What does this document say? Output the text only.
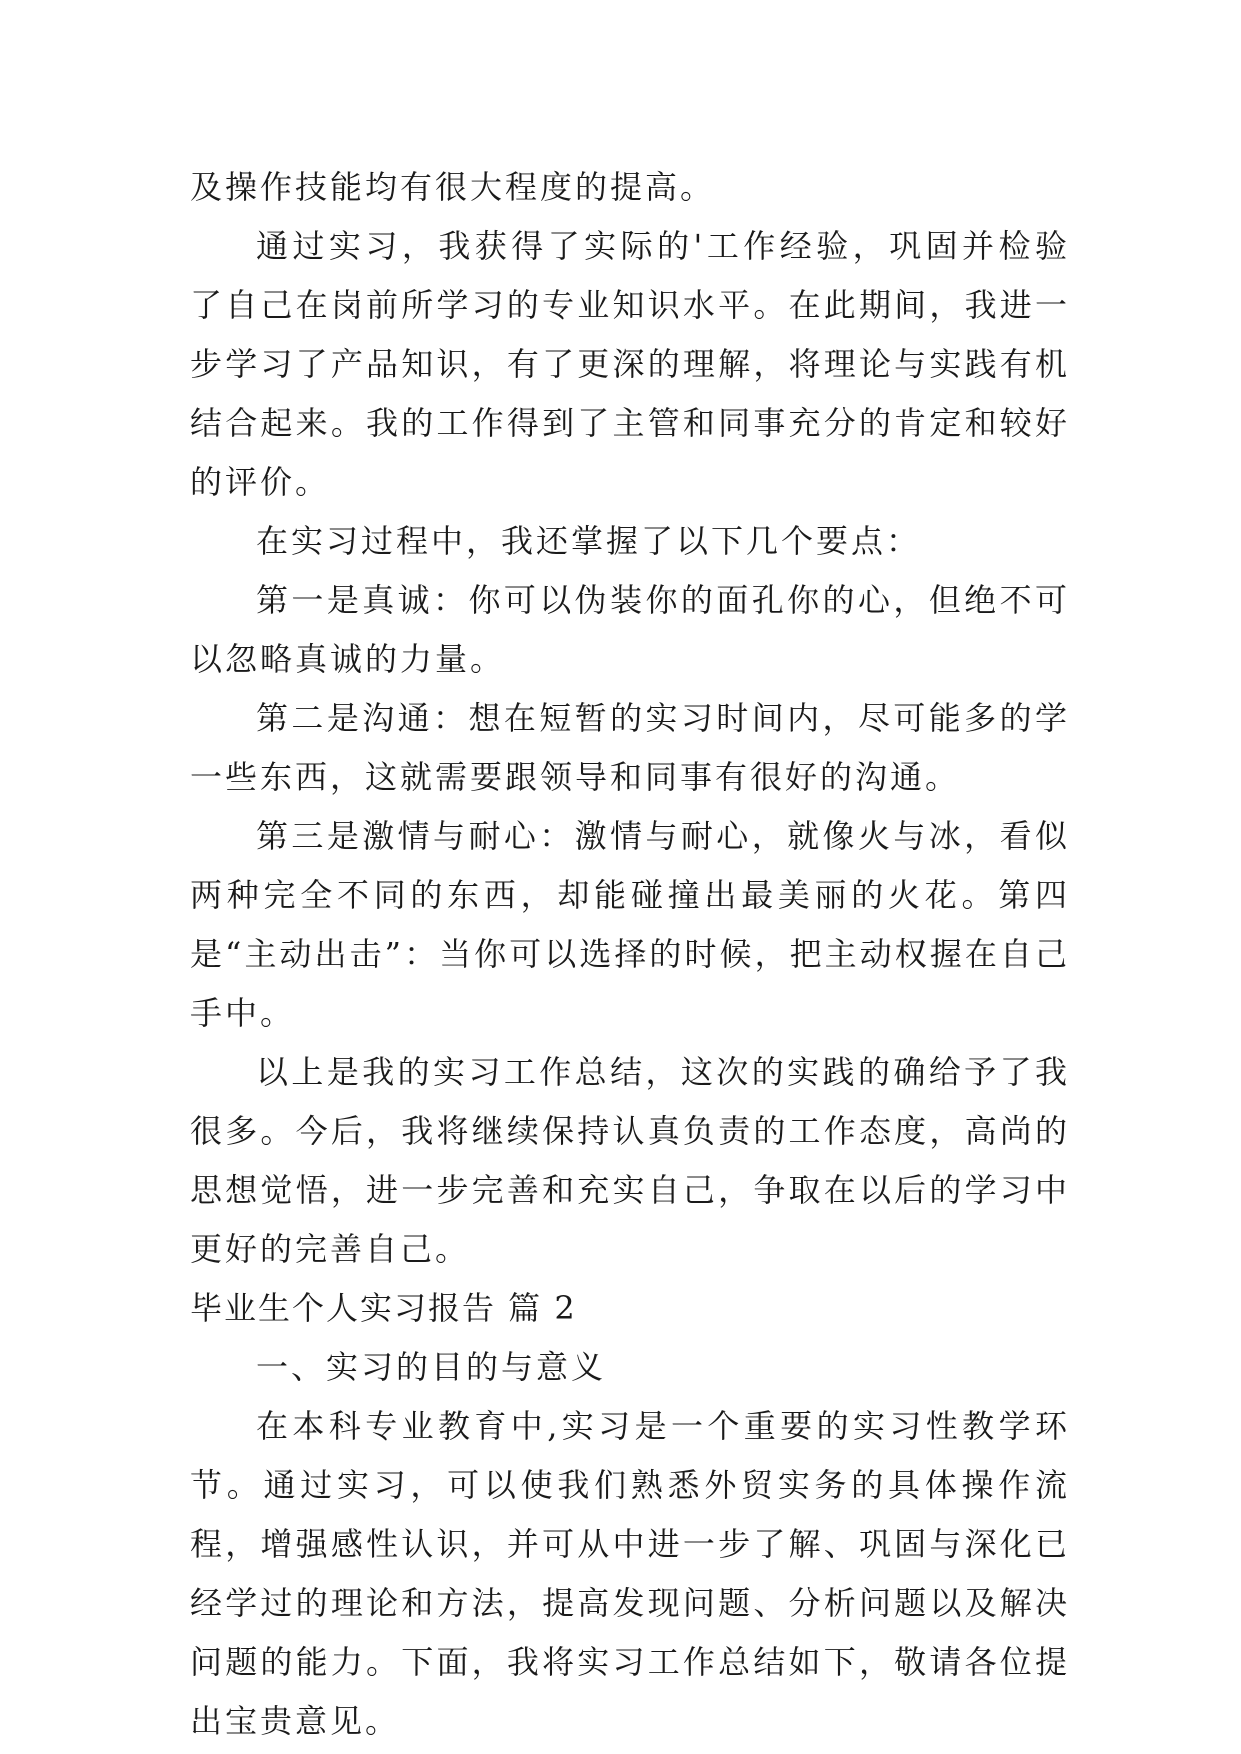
及操作技能均有很大程度的提高。

通过实习，我获得了实际的'工作经验，巩固并检验了自己在岗前所学习的专业知识水平。在此期间，我进一步学习了产品知识，有了更深的理解，将理论与实践有机结合起来。我的工作得到了主管和同事充分的肯定和较好的评价。

在实习过程中，我还掌握了以下几个要点：

第一是真诚：你可以伪装你的面孔你的心，但绝不可以忽略真诚的力量。

第二是沟通：想在短暂的实习时间内，尽可能多的学一些东西，这就需要跟领导和同事有很好的沟通。

第三是激情与耐心：激情与耐心，就像火与冰，看似两种完全不同的东西，却能碰撞出最美丽的火花。第四是“主动出击”：当你可以选择的时候，把主动权握在自己手中。

以上是我的实习工作总结，这次的实践的确给予了我很多。今后，我将继续保持认真负责的工作态度，高尚的思想觉悟，进一步完善和充实自己，争取在以后的学习中更好的完善自己。

毕业生个人实习报告 篇 2

一、实习的目的与意义

在本科专业教育中,实习是一个重要的实习性教学环节。通过实习，可以使我们熟悉外贸实务的具体操作流程，增强感性认识，并可从中进一步了解、巩固与深化已经学过的理论和方法，提高发现问题、分析问题以及解决问题的能力。下面，我将实习工作总结如下，敬请各位提出宝贵意见。
